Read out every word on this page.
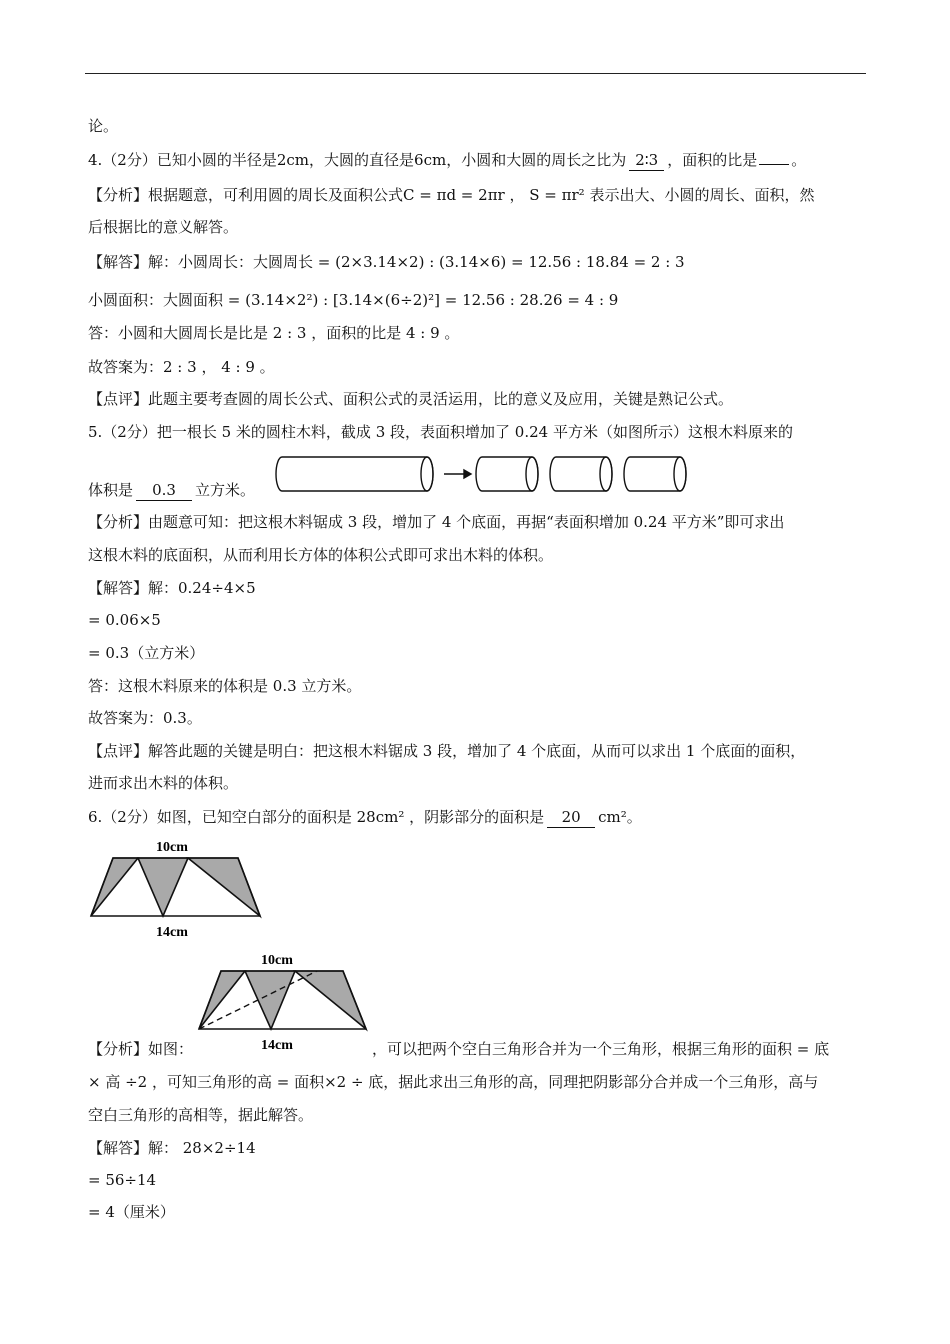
论。
4.（2分）已知小圆的半径是2cm，大圆的直径是6cm，小圆和大圆的周长之比为 2∶3 ，面积的比是 。
【分析】根据题意，可利用圆的周长及面积公式C = πd = 2πr ， S = πr² 表示出大、小圆的周长、面积，然
后根据比的意义解答。
【解答】解：小圆周长：大圆周长 = (2×3.14×2) : (3.14×6) = 12.56 : 18.84 = 2 : 3
小圆面积：大圆面积 = (3.14×2²) : [3.14×(6÷2)²] = 12.56 : 28.26 = 4 : 9
答：小圆和大圆周长是比是 2 : 3 ，面积的比是 4 : 9 。
故答案为：2 : 3 ， 4 : 9 。
【点评】此题主要考查圆的周长公式、面积公式的灵活运用，比的意义及应用，关键是熟记公式。
5.（2分）把一根长 5 米的圆柱木料，截成 3 段，表面积增加了 0.24 平方米（如图所示）这根木料原来的
体积是 0.3 立方米。
【分析】由题意可知：把这根木料锯成 3 段，增加了 4 个底面，再据“表面积增加 0.24 平方米”即可求出
这根木料的底面积，从而利用长方体的体积公式即可求出木料的体积。
【解答】解：0.24÷4×5
= 0.06×5
= 0.3（立方米）
答：这根木料原来的体积是 0.3 立方米。
故答案为：0.3。
【点评】解答此题的关键是明白：把这根木料锯成 3 段，增加了 4 个底面，从而可以求出 1 个底面的面积，
进而求出木料的体积。
6.（2分）如图，已知空白部分的面积是 28cm² ，阴影部分的面积是 20 cm²。
10cm
14cm
10cm
14cm
【分析】如图：	，可以把两个空白三角形合并为一个三角形，根据三角形的面积 = 底
× 高 ÷2 ，可知三角形的高 = 面积×2 ÷ 底，据此求出三角形的高，同理把阴影部分合并成一个三角形，高与
空白三角形的高相等，据此解答。
【解答】解： 28×2÷14
= 56÷14
= 4（厘米）
